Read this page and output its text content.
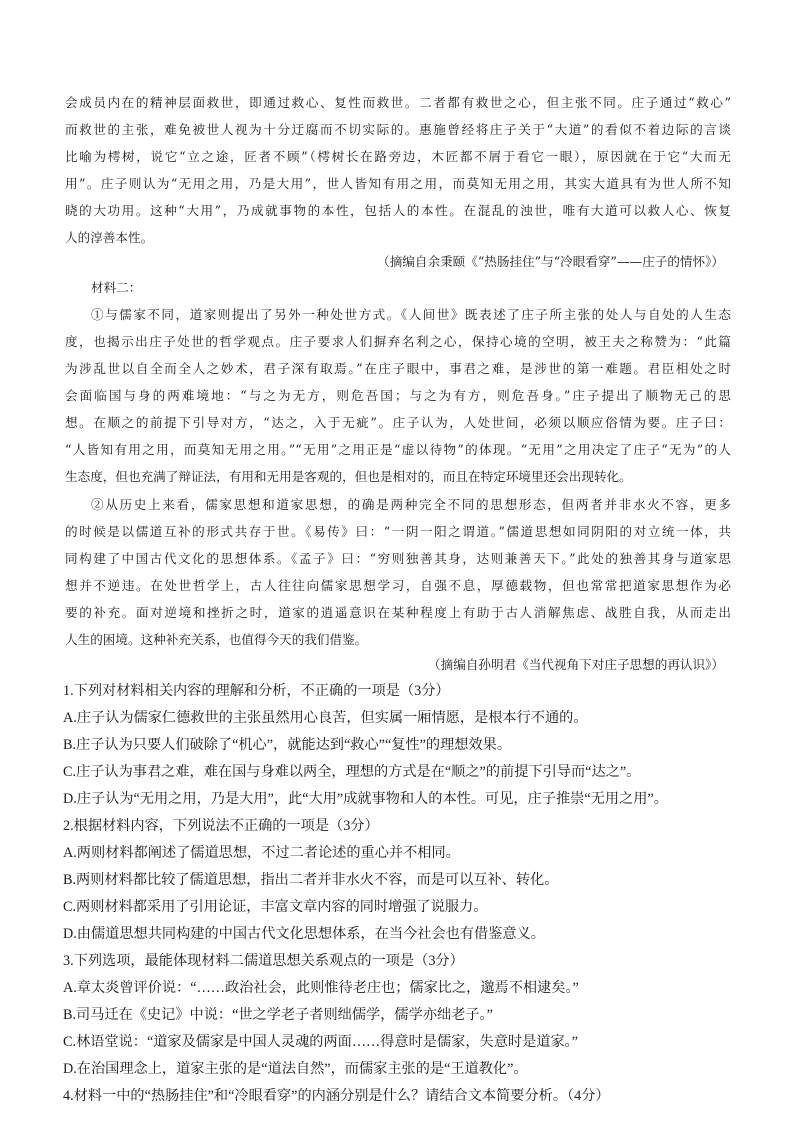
会成员内在的精神层面救世，即通过救心、复性而救世。二者都有救世之心，但主张不同。庄子通过“救心”
而救世的主张，难免被世人视为十分迂腐而不切实际的。惠施曾经将庄子关于“大道”的看似不着边际的言谈
比喻为樗树，说它“立之途，匠者不顾”（樗树长在路旁边，木匠都不屑于看它一眼），原因就在于它“大而无
用”。庄子则认为“无用之用，乃是大用”，世人皆知有用之用，而莫知无用之用，其实大道具有为世人所不知
晓的大功用。这种“大用”，乃成就事物的本性，包括人的本性。在混乱的浊世，唯有大道可以救人心、恢复
人的淳善本性。
（摘编自余秉颐《“热肠挂住”与“冷眼看穿”——庄子的情怀》）
材料二：
①与儒家不同，道家则提出了另外一种处世方式。《人间世》既表述了庄子所主张的处人与自处的人生态
度，也揭示出庄子处世的哲学观点。庄子要求人们摒弃名利之心，保持心境的空明，被王夫之称赞为：“此篇
为涉乱世以自全而全人之妙术，君子深有取焉。”在庄子眼中，事君之难，是涉世的第一难题。君臣相处之时
会面临国与身的两难境地：“与之为无方，则危吾国；与之为有方，则危吾身。”庄子提出了顺物无己的思
想。在顺之的前提下引导对方，“达之，入于无疵”。庄子认为，人处世间，必须以顺应俗情为要。庄子曰：
“人皆知有用之用，而莫知无用之用。”“无用”之用正是“虚以待物”的体现。“无用”之用决定了庄子“无为”的人
生态度，但也充满了辩证法，有用和无用是客观的，但也是相对的，而且在特定环境里还会出现转化。
②从历史上来看，儒家思想和道家思想，的确是两种完全不同的思想形态，但两者并非水火不容，更多
的时候是以儒道互补的形式共存于世。《易传》曰：“一阴一阳之谓道。”儒道思想如同阴阳的对立统一体，共
同构建了中国古代文化的思想体系。《孟子》曰：“穷则独善其身，达则兼善天下。”此处的独善其身与道家思
想并不逆违。在处世哲学上，古人往往向儒家思想学习，自强不息，厚德载物，但也常常把道家思想作为必
要的补充。面对逆境和挫折之时，道家的逍遥意识在某种程度上有助于古人消解焦虑、战胜自我，从而走出
人生的困境。这种补充关系，也值得今天的我们借鉴。
（摘编自孙明君《当代视角下对庄子思想的再认识》）
1.下列对材料相关内容的理解和分析，不正确的一项是（3分）
A.庄子认为儒家仁德救世的主张虽然用心良苦，但实属一厢情愿，是根本行不通的。
B.庄子认为只要人们破除了“机心”，就能达到“救心”“复性”的理想效果。
C.庄子认为事君之难，难在国与身难以两全，理想的方式是在“顺之”的前提下引导而“达之”。
D.庄子认为“无用之用，乃是大用”，此“大用”成就事物和人的本性。可见，庄子推崇“无用之用”。
2.根据材料内容，下列说法不正确的一项是（3分）
A.两则材料都阐述了儒道思想，不过二者论述的重心并不相同。
B.两则材料都比较了儒道思想，指出二者并非水火不容，而是可以互补、转化。
C.两则材料都采用了引用论证，丰富文章内容的同时增强了说服力。
D.由儒道思想共同构建的中国古代文化思想体系，在当今社会也有借鉴意义。
3.下列选项，最能体现材料二儒道思想关系观点的一项是（3分）
A.章太炎曾评价说：“……政治社会，此则惟待老庄也；儒家比之，邈焉不相逮矣。”
B.司马迁在《史记》中说：“世之学老子者则绌儒学，儒学亦绌老子。”
C.林语堂说：“道家及儒家是中国人灵魂的两面……得意时是儒家，失意时是道家。”
D.在治国理念上，道家主张的是“道法自然”，而儒家主张的是“王道教化”。
4.材料一中的“热肠挂住”和“冷眼看穿”的内涵分别是什么？请结合文本简要分析。（4分）
